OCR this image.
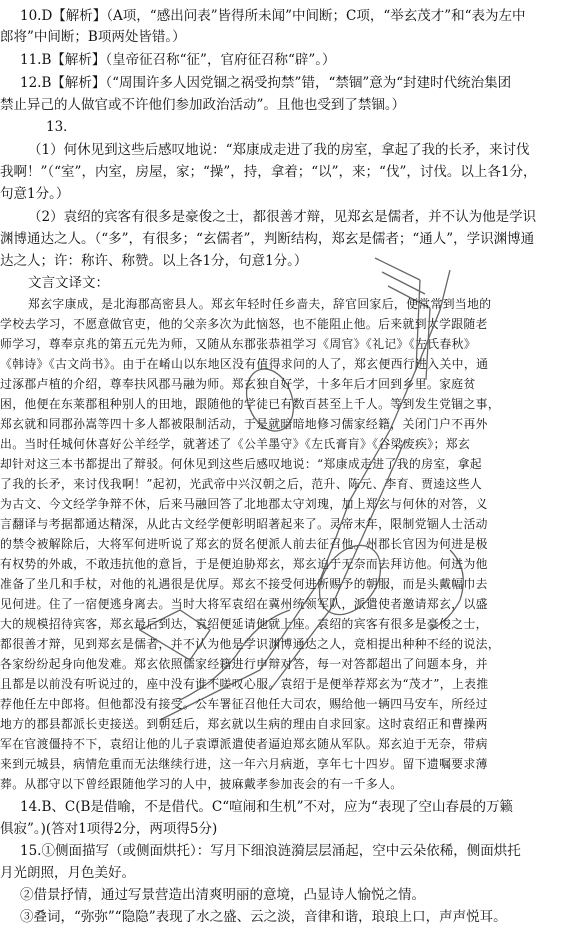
10.D【解析】（A项，“感出问表”皆得所未闻”中间断；C项，“举玄茂才”和“表为左中
郎将”中间断；B项两处皆错。）
11.B【解析】（皇帝征召称“征”，官府征召称“辟”。）
12.B【解析】（“周围许多人因党锢之祸受拘禁”错，“禁锢”意为“封建时代统治集团
禁止异己的人做官或不许他们参加政治活动”。且他也受到了禁锢。）
13．
（1）何休见到这些后感叹地说：“郑康成走进了我的房室，拿起了我的长矛，来讨伐
我啊！”（“室”，内室，房屋，家；“操”，持，拿着；“以”，来；“伐”，讨伐。以上各1分，
句意1分。）
（2）袁绍的宾客有很多是豪俊之士，都很善才辩，见郑玄是儒者，并不认为他是学识
渊博通达之人。（“多”，有很多；“玄儒者”，判断结构，郑玄是儒者；“通人”，学识渊博通
达之人；许：称许、称赞。以上各1分，句意1分。）
文言文译文：
郑玄字康成，是北海郡高密县人。郑玄年轻时任乡啬夫，辞官回家后，便常常到当地的
学校去学习，不愿意做官吏，他的父亲多次为此恼怒，也不能阻止他。后来就到太学跟随老
师学习，尊奉京兆的第五元先为师，又随从东郡张恭祖学习《周官》《礼记》《左氏春秋》
《韩诗》《古文尚书》。由于在崤山以东地区没有值得求问的人了，郑玄便西行进入关中，通
过涿郡卢植的介绍，尊奉扶风郡马融为师。郑玄独自好学，十多年后才回到乡里。家庭贫
困，他便在东莱郡租种别人的田地，跟随他的学徒已有数百甚至上千人。等到发生党锢之事，
郑玄就和同郡孙嵩等四十多人都被限制活动，于是就暗暗地修习儒家经籍，关闭门户不再外
出。当时任城何休喜好公羊经学，就著述了《公羊墨守》《左氏膏肓》《谷梁废疾》；郑玄
却针对这三本书都提出了辩驳。何休见到这些后感叹地说：“郑康成走进了我的房室，拿起
了我的长矛，来讨伐我啊！”起初，光武帝中兴汉朝之后，范升、陈元、李育、贾逵这些人
为古文、今文经学争辩不休，后来马融回答了北地郡太守刘瑰，加上郑玄与何休的对答，义
言翻译与考据都通达精深，从此古文经学便彰明昭著起来了。灵帝末年，限制党锢人士活动
的禁令被解除后，大将军何进听说了郑玄的贤名便派人前去征召他。州郡长官因为何进是极
有权势的外戚，不敢违抗他的意旨，于是便迫胁郑玄，郑玄迫于无奈而去拜访他。何进为他
准备了坐几和手杖，对他的礼遇很是优厚。郑玄不接受何进所赐予的朝服，而是头戴幅巾去
见何进。住了一宿便逃身离去。当时大将军袁绍在冀州统领军队，派遣使者邀请郑玄，以盛
大的规模招待宾客，郑玄最后到达，袁绍便延请他就上座。袁绍的宾客有很多是豪俊之士，
都很善才辩，见到郑玄是儒者，并不认为他是学识渊博通达之人，竞相提出种种不经的说法，
各家纷纷起身向他发难。郑玄依照儒家经籍进行申辩对答，每一对答都超出了问题本身，并
且都是以前没有听说过的，座中没有谁不嗟叹心服。袁绍于是便举荐郑玄为“茂才”，上表推
荐他任左中郎将。但他都没有接受。公车署征召他任大司农，赐给他一辆四马安车，所经过
地方的郡县都派长吏接送。到朝廷后，郑玄就以生病的理由自求回家。这时袁绍正和曹操两
军在官渡僵持不下，袁绍让他的儿子袁谭派遣使者逼迫郑玄随从军队。郑玄迫于无奈，带病
来到元城县，病情危重而无法继续行进，这一年六月病逝，享年七十四岁。留下遗嘱要求薄
葬。从郡守以下曾经跟随他学习的人中，披麻戴孝参加丧会的有一千多人。
14.B、C(B是借喻，不是借代。C“喧闹和生机”不对，应为“表现了空山春晨的万籁
俱寂”。)(答对1项得2分，两项得5分)
15.①侧面描写（或侧面烘托）：写月下细浪涟漪层层涌起，空中云朵依稀，侧面烘托
月光朗照，月色美好。
②借景抒情，通过写景营造出清爽明丽的意境，凸显诗人愉悦之情。
③叠词，“弥弥”“隐隐”表现了水之盛、云之淡，音律和谐，琅琅上口，声声悦耳。
